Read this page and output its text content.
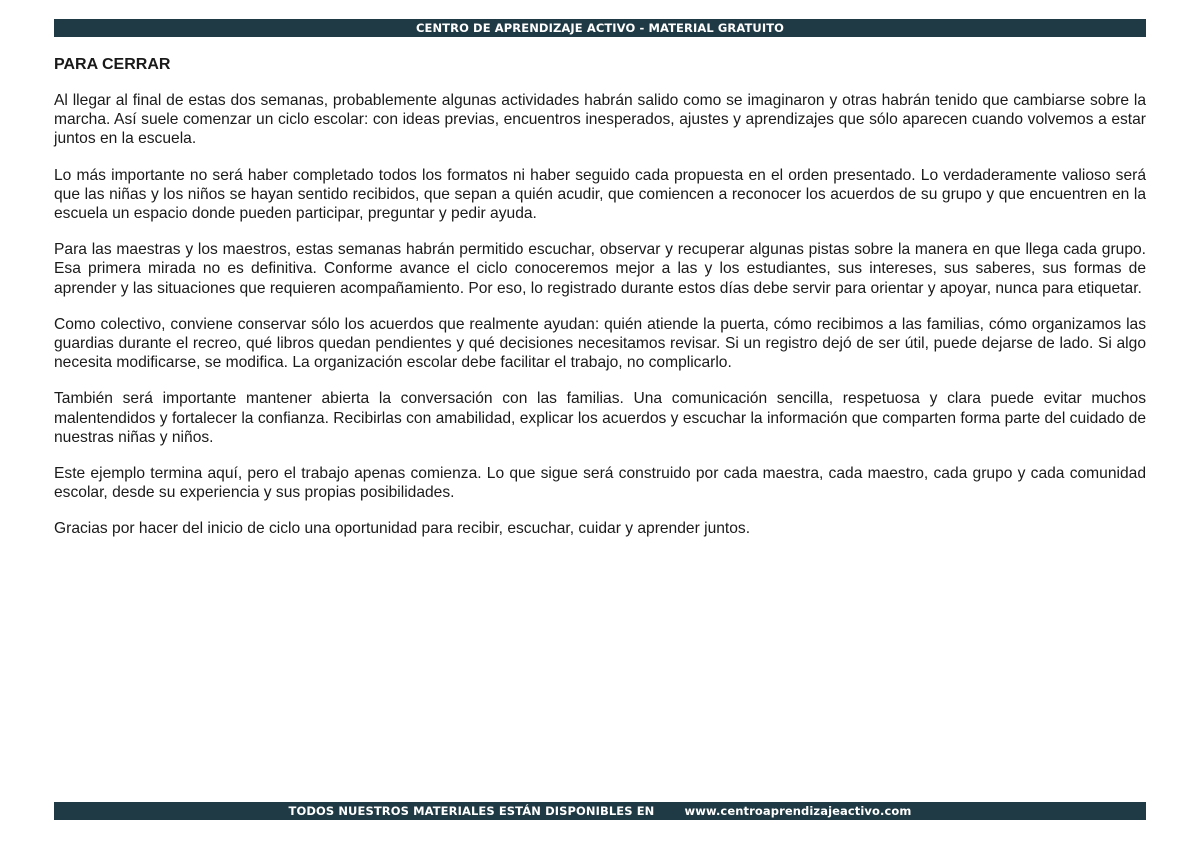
CENTRO DE APRENDIZAJE ACTIVO - MATERIAL GRATUITO
PARA CERRAR

Al llegar al final de estas dos semanas, probablemente algunas actividades habrán salido como se imaginaron y otras habrán tenido que cambiarse sobre la marcha. Así suele comenzar un ciclo escolar: con ideas previas, encuentros inesperados, ajustes y aprendizajes que sólo aparecen cuando volvemos a estar juntos en la escuela.

Lo más importante no será haber completado todos los formatos ni haber seguido cada propuesta en el orden presentado. Lo verdaderamente valioso será que las niñas y los niños se hayan sentido recibidos, que sepan a quién acudir, que comiencen a reconocer los acuerdos de su grupo y que encuentren en la escuela un espacio donde pueden participar, preguntar y pedir ayuda.

Para las maestras y los maestros, estas semanas habrán permitido escuchar, observar y recuperar algunas pistas sobre la manera en que llega cada grupo. Esa primera mirada no es definitiva. Conforme avance el ciclo conoceremos mejor a las y los estudiantes, sus intereses, sus saberes, sus formas de aprender y las situaciones que requieren acompañamiento. Por eso, lo registrado durante estos días debe servir para orientar y apoyar, nunca para etiquetar.

Como colectivo, conviene conservar sólo los acuerdos que realmente ayudan: quién atiende la puerta, cómo recibimos a las familias, cómo organizamos las guardias durante el recreo, qué libros quedan pendientes y qué decisiones necesitamos revisar. Si un registro dejó de ser útil, puede dejarse de lado. Si algo necesita modificarse, se modifica. La organización escolar debe facilitar el trabajo, no complicarlo.

También será importante mantener abierta la conversación con las familias. Una comunicación sencilla, respetuosa y clara puede evitar muchos malentendidos y fortalecer la confianza. Recibirlas con amabilidad, explicar los acuerdos y escuchar la información que comparten forma parte del cuidado de nuestras niñas y niños.

Este ejemplo termina aquí, pero el trabajo apenas comienza. Lo que sigue será construido por cada maestra, cada maestro, cada grupo y cada comunidad escolar, desde su experiencia y sus propias posibilidades.

Gracias por hacer del inicio de ciclo una oportunidad para recibir, escuchar, cuidar y aprender juntos.

TODOS NUESTROS MATERIALES ESTÁN DISPONIBLES EN	www.centroaprendizajeactivo.com
